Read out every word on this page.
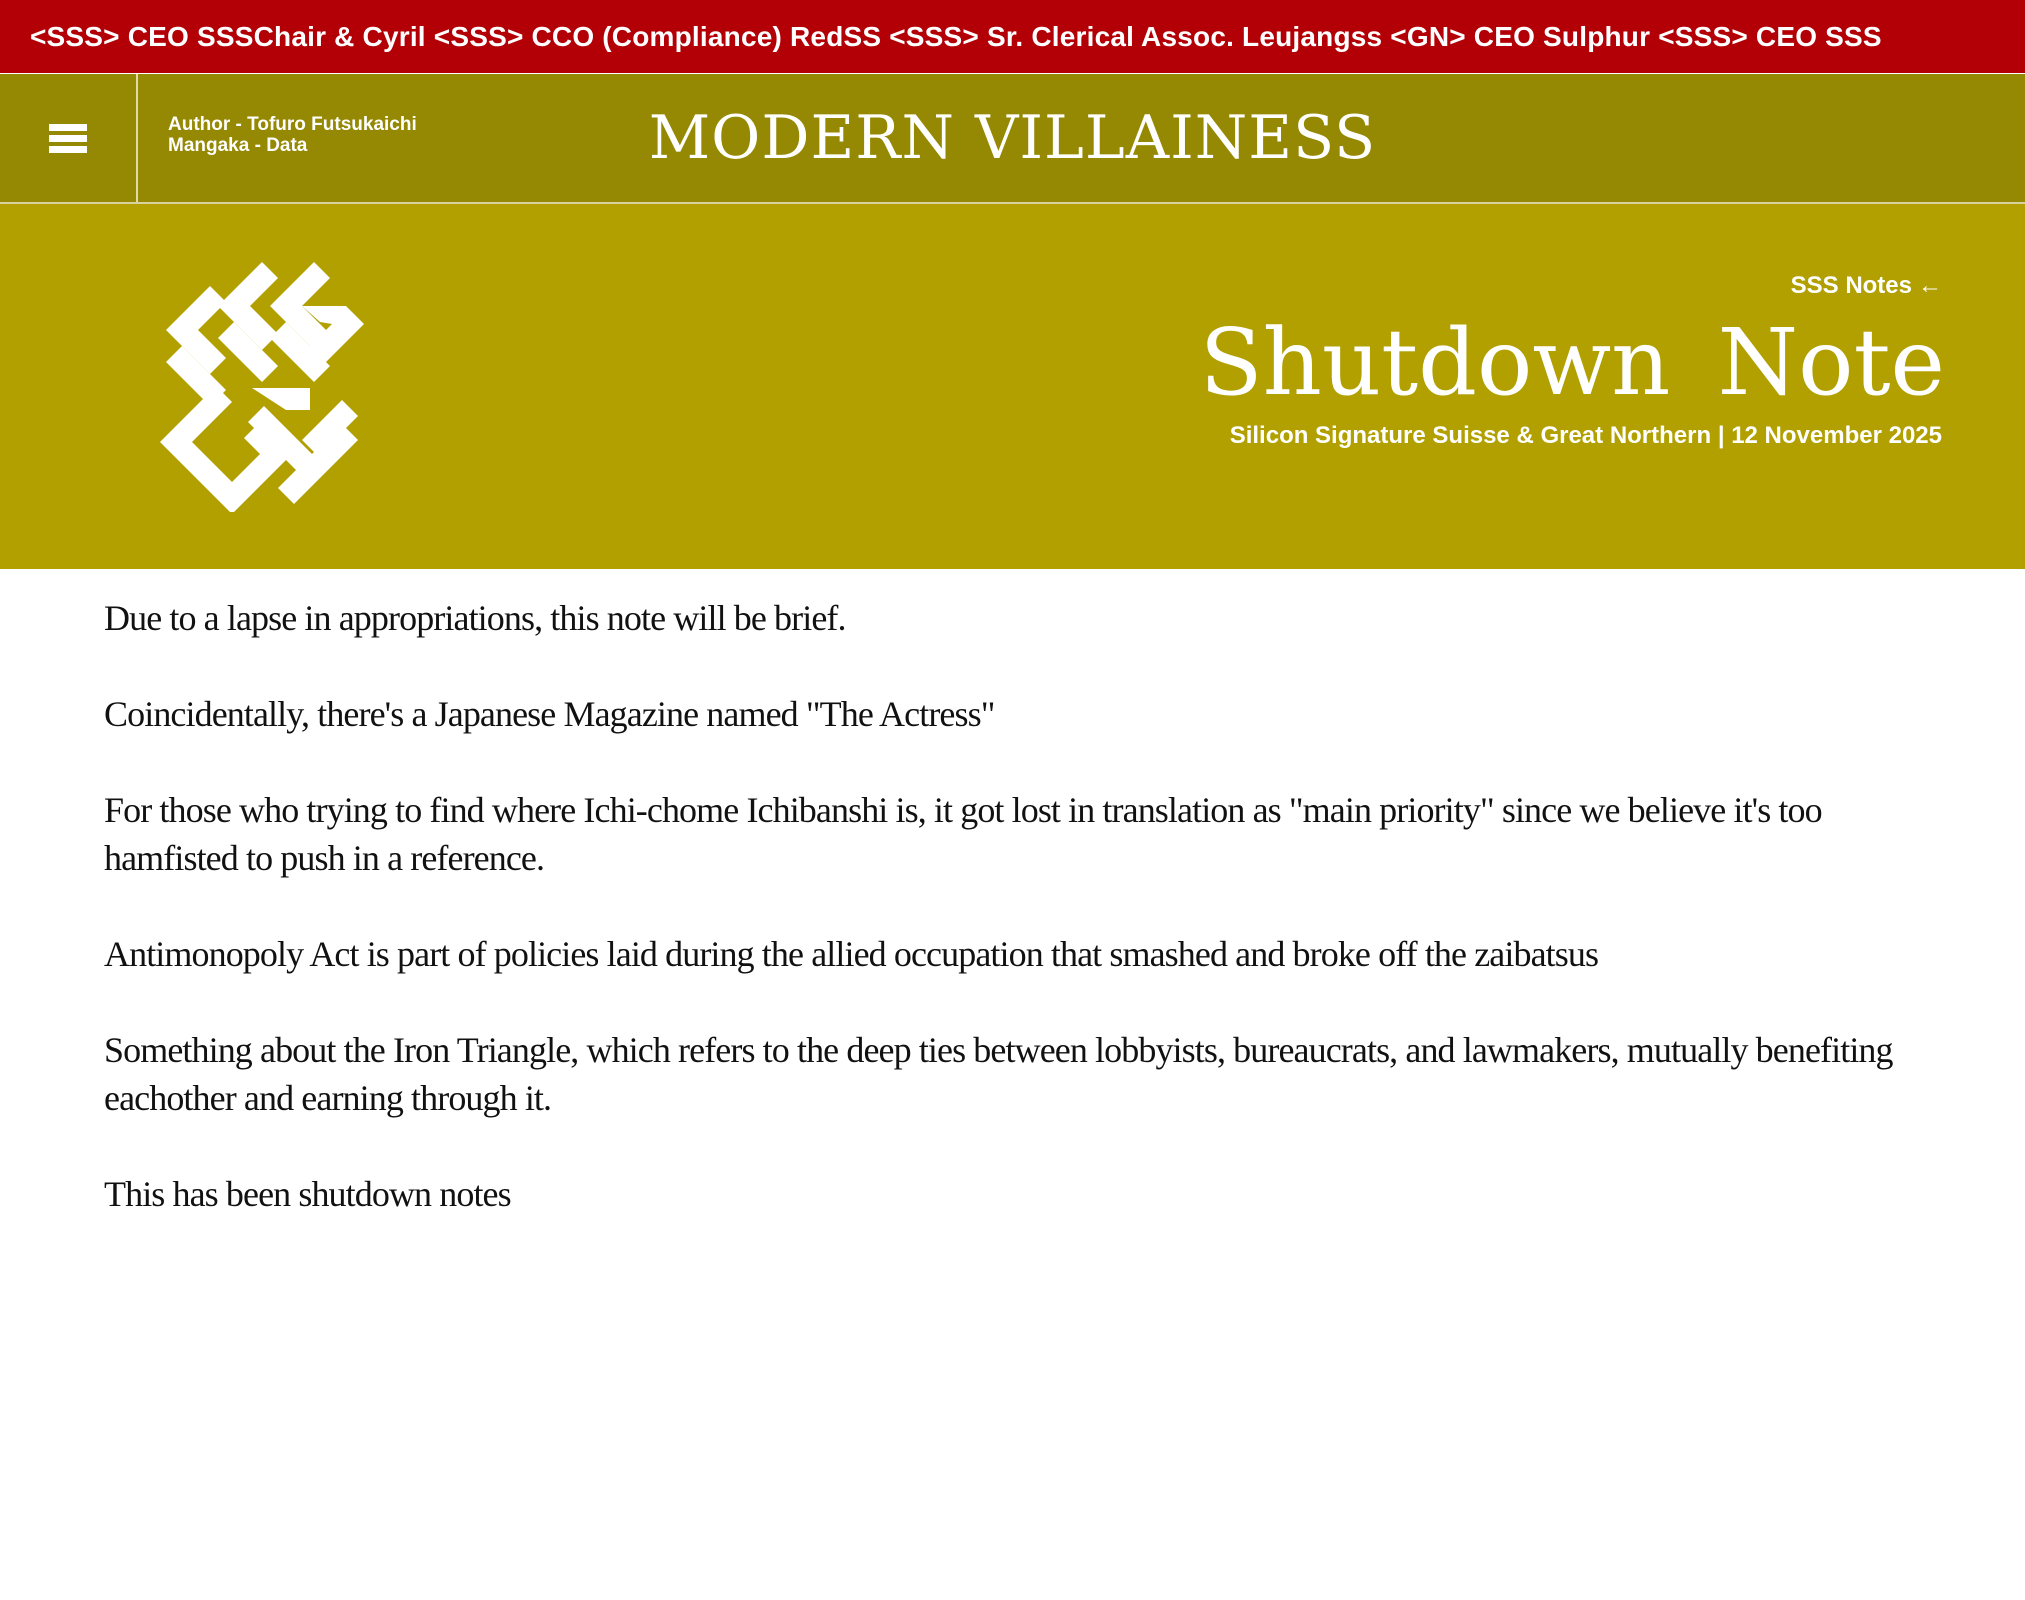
<SSS> CEO SSSChair & Cyril <SSS> CCO (Compliance) RedSS <SSS> Sr. Clerical Assoc. Leujangss <GN> CEO Sulphur <SSS> CEO SSS
Author - Tofuro Futsukaichi
Mangaka - Data	MODERN VILLAINESS
SSS Notes ←
Shutdown Note
Silicon Signature Suisse & Great Northern | 12 November 2025

Due to a lapse in appropriations, this note will be brief.

Coincidentally, there's a Japanese Magazine named "The Actress"

For those who trying to find where Ichi-chome Ichibanshi is, it got lost in translation as "main priority" since we believe it's too hamfisted to push in a reference.

Antimonopoly Act is part of policies laid during the allied occupation that smashed and broke off the zaibatsus

Something about the Iron Triangle, which refers to the deep ties between lobbyists, bureaucrats, and lawmakers, mutually benefiting eachother and earning through it.

This has been shutdown notes
